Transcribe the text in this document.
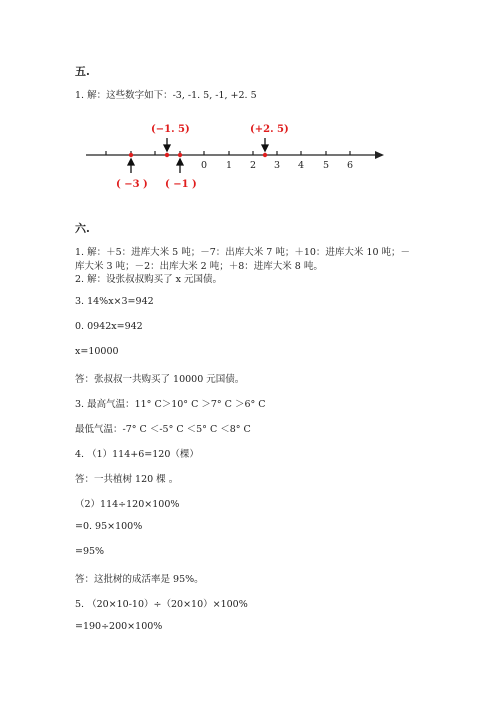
五.
1. 解：这些数字如下：-3, -1. 5, -1, +2. 5
(−1. 5)	(+2. 5)
( −3 ) ( −1 )
0 1 2 3 4 5 6
六.
1. 解：＋5：进库大米 5 吨；－7：出库大米 7 吨；＋10：进库大米 10 吨；－
库大米 3 吨；－2：出库大米 2 吨；＋8：进库大米 8 吨。
2. 解：设张叔叔购买了 x 元国债。
3. 14%x×3=942
0. 0942x=942
x=10000
答：张叔叔一共购买了 10000 元国债。
3. 最高气温：11° C＞10° C ＞7° C ＞6° C
最低气温：-7° C ＜-5° C ＜5° C ＜8° C
4. （1）114+6=120（棵）
答：一共植树 120 棵 。
（2）114÷120×100%
=0. 95×100%
=95%
答：这批树的成活率是 95%。
5. （20×10-10）÷（20×10）×100%
=190÷200×100%
